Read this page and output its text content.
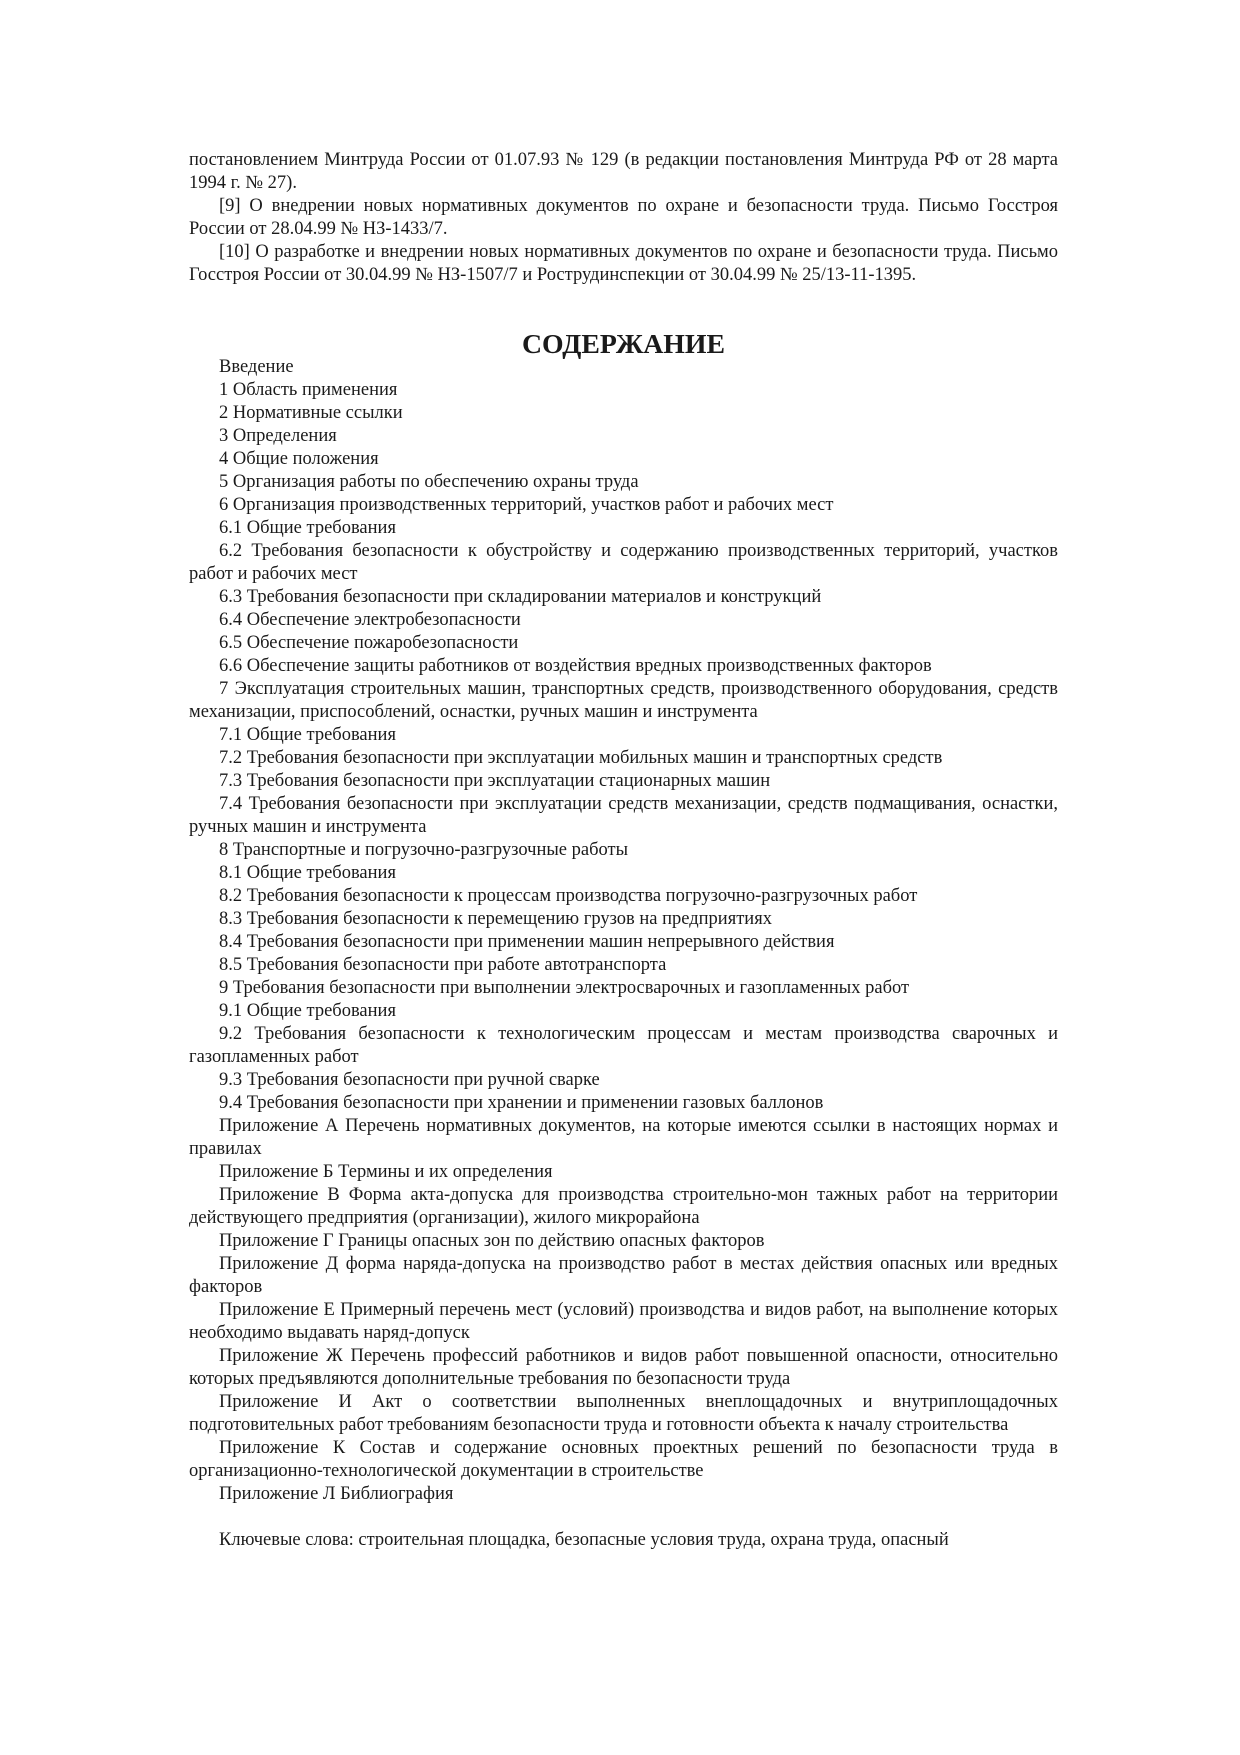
постановлением Минтруда России от 01.07.93 № 129 (в редакции постановления Минтруда РФ от 28 марта 1994 г. № 27).

[9] О внедрении новых нормативных документов по охране и безопасности труда. Письмо Госстроя России от 28.04.99 № НЗ-1433/7.

[10] О разработке и внедрении новых нормативных документов по охране и безопасности труда. Письмо Госстроя России от 30.04.99 № НЗ-1507/7 и Рострудинспекции от 30.04.99 № 25/13-11-1395.

СОДЕРЖАНИЕ
Введение
1 Область применения
2 Нормативные ссылки
3 Определения
4 Общие положения
5 Организация работы по обеспечению охраны труда
6 Организация производственных территорий, участков работ и рабочих мест
6.1 Общие требования
6.2 Требования безопасности к обустройству и содержанию производственных территорий, участков работ и рабочих мест
6.3 Требования безопасности при складировании материалов и конструкций
6.4 Обеспечение электробезопасности
6.5 Обеспечение пожаробезопасности
6.6 Обеспечение защиты работников от воздействия вредных производственных факторов
7 Эксплуатация строительных машин, транспортных средств, производственного оборудования, средств механизации, приспособлений, оснастки, ручных машин и инструмента
7.1 Общие требования
7.2 Требования безопасности при эксплуатации мобильных машин и транспортных средств
7.3 Требования безопасности при эксплуатации стационарных машин
7.4 Требования безопасности при эксплуатации средств механизации, средств подмащивания, оснастки, ручных машин и инструмента
8 Транспортные и погрузочно-разгрузочные работы
8.1 Общие требования
8.2 Требования безопасности к процессам производства погрузочно-разгрузочных работ
8.3 Требования безопасности к перемещению грузов на предприятиях
8.4 Требования безопасности при применении машин непрерывного действия
8.5 Требования безопасности при работе автотранспорта
9 Требования безопасности при выполнении электросварочных и газопламенных работ
9.1 Общие требования
9.2 Требования безопасности к технологическим процессам и местам производства сварочных и газопламенных работ
9.3 Требования безопасности при ручной сварке
9.4 Требования безопасности при хранении и применении газовых баллонов
Приложение А Перечень нормативных документов, на которые имеются ссылки в настоящих нормах и правилах
Приложение Б Термины и их определения
Приложение В Форма акта-допуска для производства строительно-мон тажных работ на территории действующего предприятия (организации), жилого микрорайона
Приложение Г Границы опасных зон по действию опасных факторов
Приложение Д форма наряда-допуска на производство работ в местах действия опасных или вредных факторов
Приложение Е Примерный перечень мест (условий) производства и видов работ, на выполнение которых необходимо выдавать наряд-допуск
Приложение Ж Перечень профессий работников и видов работ повышенной опасности, относительно которых предъявляются дополнительные требования по безопасности труда
Приложение И Акт о соответствии выполненных внеплощадочных и внутриплощадочных подготовительных работ требованиям безопасности труда и готовности объекта к началу строительства
Приложение К Состав и содержание основных проектных решений по безопасности труда в организационно-технологической документации в строительстве
Приложение Л Библиография

Ключевые слова: строительная площадка, безопасные условия труда, охрана труда, опасный
